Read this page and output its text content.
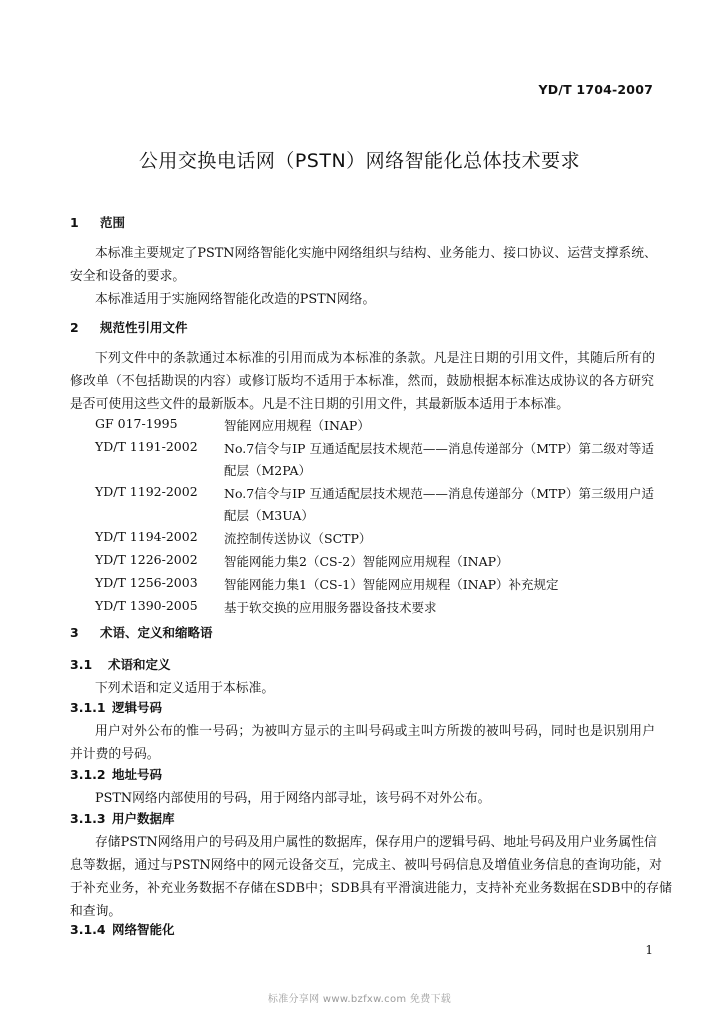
YD/T 1704-2007
公用交换电话网（PSTN）网络智能化总体技术要求
1 范围
本标准主要规定了PSTN网络智能化实施中网络组织与结构、业务能力、接口协议、运营支撑系统、
安全和设备的要求。
本标准适用于实施网络智能化改造的PSTN网络。
2 规范性引用文件
下列文件中的条款通过本标准的引用而成为本标准的条款。凡是注日期的引用文件，其随后所有的
修改单（不包括勘误的内容）或修订版均不适用于本标准，然而，鼓励根据本标准达成协议的各方研究
是否可使用这些文件的最新版本。凡是不注日期的引用文件，其最新版本适用于本标准。
GF 017-1995	智能网应用规程（INAP）
YD/T 1191-2002 No.7信令与IP 互通适配层技术规范——消息传递部分（MTP）第二级对等适
配层（M2PA）
YD/T 1192-2002 No.7信令与IP 互通适配层技术规范——消息传递部分（MTP）第三级用户适
配层（M3UA）
YD/T 1194-2002 流控制传送协议（SCTP）
YD/T 1226-2002 智能网能力集2（CS-2）智能网应用规程（INAP）
YD/T 1256-2003 智能网能力集1（CS-1）智能网应用规程（INAP）补充规定
YD/T 1390-2005 基于软交换的应用服务器设备技术要求
3 术语、定义和缩略语
3.1 术语和定义
下列术语和定义适用于本标准。
3.1.1 逻辑号码
用户对外公布的惟一号码；为被叫方显示的主叫号码或主叫方所拨的被叫号码，同时也是识别用户
并计费的号码。
3.1.2 地址号码
PSTN网络内部使用的号码，用于网络内部寻址，该号码不对外公布。
3.1.3 用户数据库
存储PSTN网络用户的号码及用户属性的数据库，保存用户的逻辑号码、地址号码及用户业务属性信
息等数据，通过与PSTN网络中的网元设备交互，完成主、被叫号码信息及增值业务信息的查询功能，对
于补充业务，补充业务数据不存储在SDB中；SDB具有平滑演进能力，支持补充业务数据在SDB中的存储
和查询。
3.1.4 网络智能化
1
标准分享网 www.bzfxw.com 免费下载
